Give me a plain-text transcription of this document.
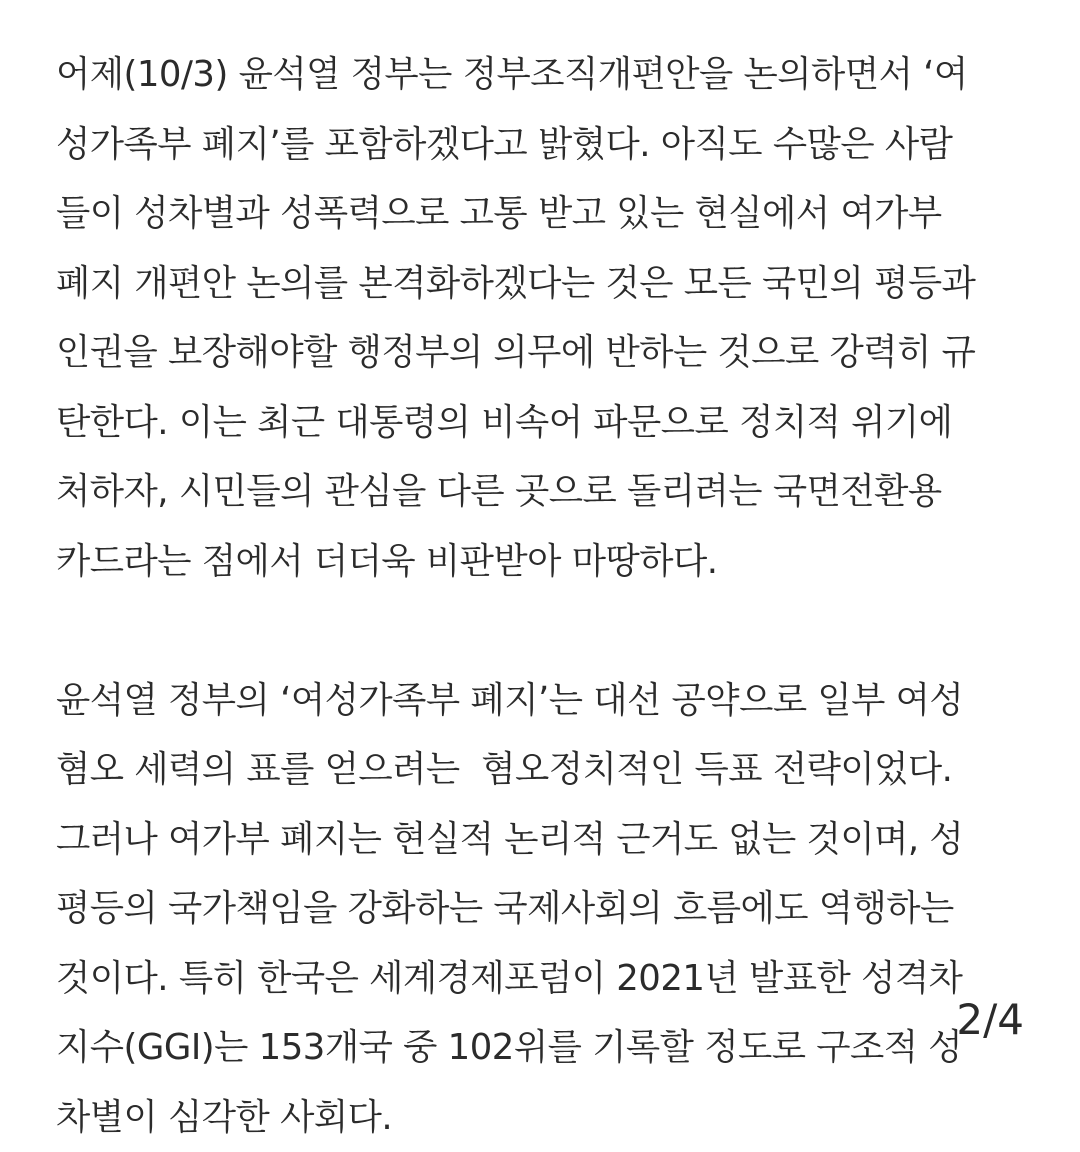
어제(10/3) 윤석열 정부는 정부조직개편안을 논의하면서 ‘여
성가족부 폐지’를 포함하겠다고 밝혔다. 아직도 수많은 사람
들이 성차별과 성폭력으로 고통 받고 있는 현실에서 여가부
폐지 개편안 논의를 본격화하겠다는 것은 모든 국민의 평등과
인권을 보장해야할 행정부의 의무에 반하는 것으로 강력히 규
탄한다. 이는 최근 대통령의 비속어 파문으로 정치적 위기에
처하자, 시민들의 관심을 다른 곳으로 돌리려는 국면전환용
카드라는 점에서 더더욱 비판받아 마땅하다.
윤석열 정부의 ‘여성가족부 폐지’는 대선 공약으로 일부 여성
혐오 세력의 표를 얻으려는  혐오정치적인 득표 전략이었다.
그러나 여가부 폐지는 현실적 논리적 근거도 없는 것이며, 성
평등의 국가책임을 강화하는 국제사회의 흐름에도 역행하는
것이다. 특히 한국은 세계경제포럼이 2021년 발표한 성격차
지수(GGI)는 153개국 중 102위를 기록할 정도로 구조적 성
차별이 심각한 사회다.
2/4
